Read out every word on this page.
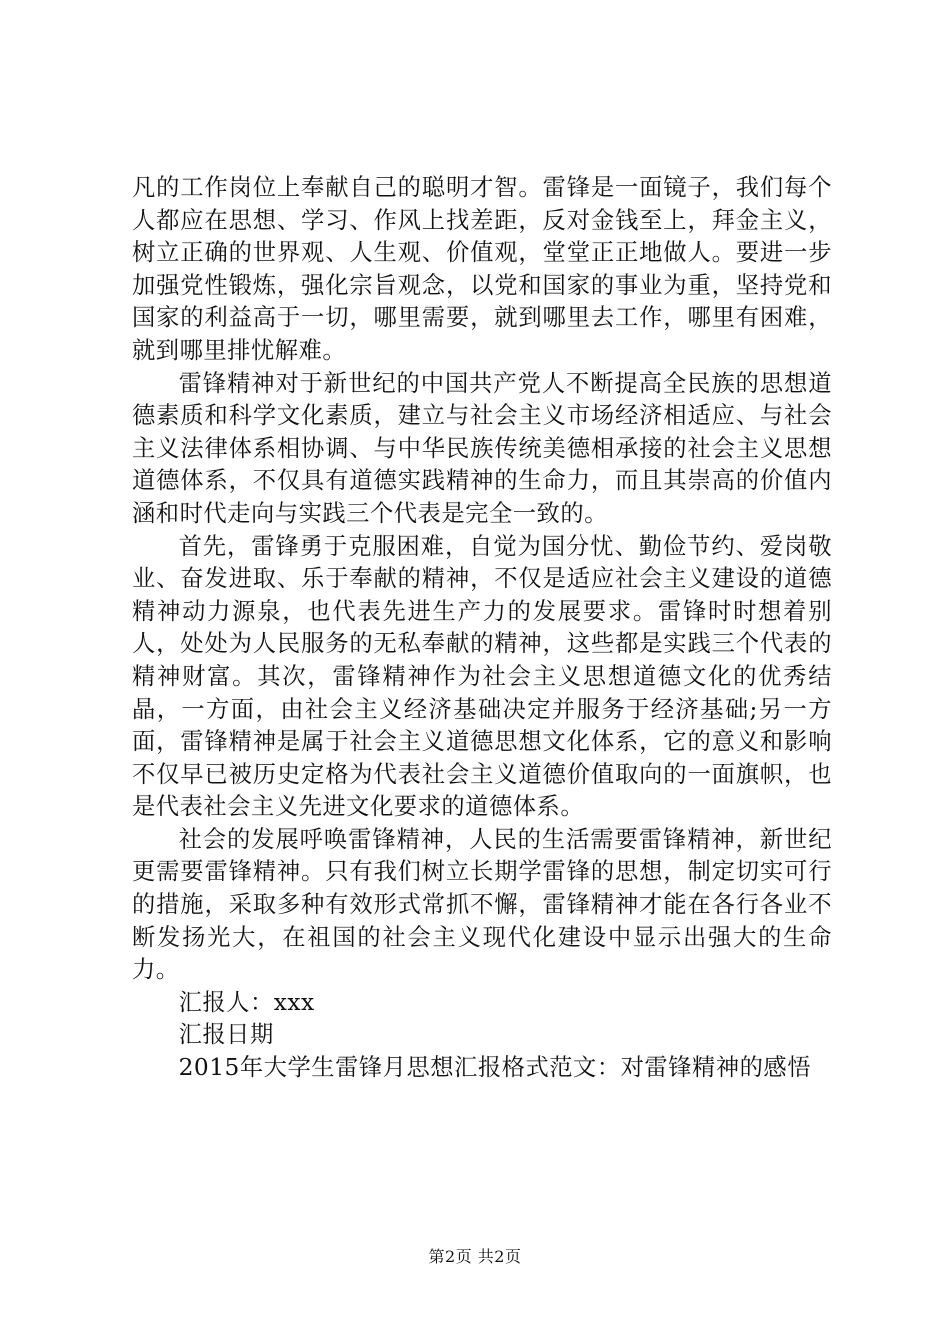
凡的工作岗位上奉献自己的聪明才智。雷锋是一面镜子，我们每个人都应在思想、学习、作风上找差距，反对金钱至上，拜金主义，树立正确的世界观、人生观、价值观，堂堂正正地做人。要进一步加强党性锻炼，强化宗旨观念，以党和国家的事业为重，坚持党和国家的利益高于一切，哪里需要，就到哪里去工作，哪里有困难，就到哪里排忧解难。

雷锋精神对于新世纪的中国共产党人不断提高全民族的思想道德素质和科学文化素质，建立与社会主义市场经济相适应、与社会主义法律体系相协调、与中华民族传统美德相承接的社会主义思想道德体系，不仅具有道德实践精神的生命力，而且其崇高的价值内涵和时代走向与实践三个代表是完全一致的。

首先，雷锋勇于克服困难，自觉为国分忧、勤俭节约、爱岗敬业、奋发进取、乐于奉献的精神，不仅是适应社会主义建设的道德精神动力源泉，也代表先进生产力的发展要求。雷锋时时想着别人，处处为人民服务的无私奉献的精神，这些都是实践三个代表的精神财富。其次，雷锋精神作为社会主义思想道德文化的优秀结晶，一方面，由社会主义经济基础决定并服务于经济基础;另一方面，雷锋精神是属于社会主义道德思想文化体系，它的意义和影响不仅早已被历史定格为代表社会主义道德价值取向的一面旗帜，也是代表社会主义先进文化要求的道德体系。

社会的发展呼唤雷锋精神，人民的生活需要雷锋精神，新世纪更需要雷锋精神。只有我们树立长期学雷锋的思想，制定切实可行的措施，采取多种有效形式常抓不懈，雷锋精神才能在各行各业不断发扬光大，在祖国的社会主义现代化建设中显示出强大的生命力。

汇报人：xxx

汇报日期

2015年大学生雷锋月思想汇报格式范文：对雷锋精神的感悟

第2页 共2页
